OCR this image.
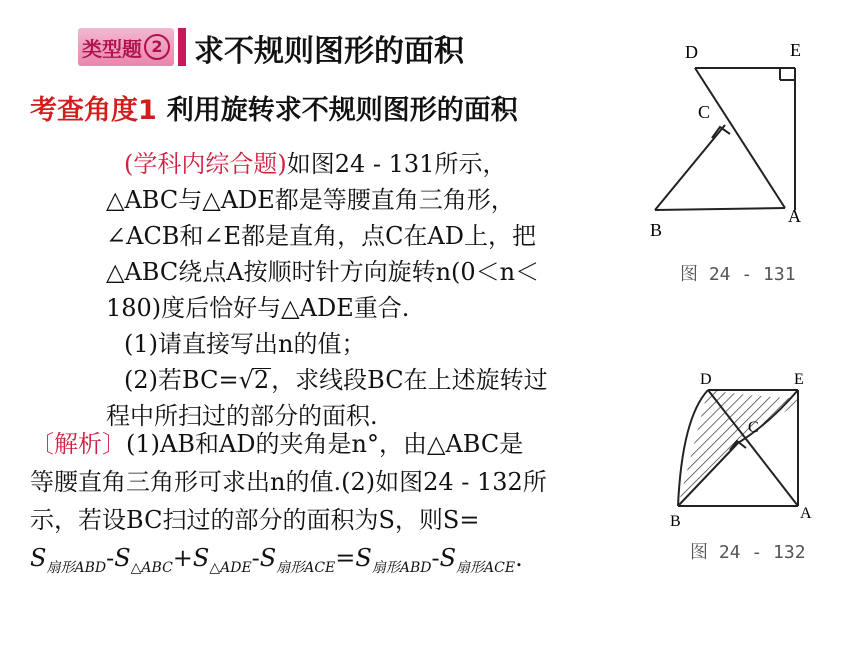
类型题 2 求不规则图形的面积
考查角度1 利用旋转求不规则图形的面积

(学科内综合题)如图24 - 131所示，

△ABC与△ADE都是等腰直角三角形，

∠ACB和∠E都是直角，点C在AD上，把

△ABC绕点A按顺时针方向旋转n(0＜n＜

180)度后恰好与△ADE重合.

(1)请直接写出n的值；

(2)若BC=√2，求线段BC在上述旋转过

程中所扫过的部分的面积.

〔解析〕(1)AB和AD的夹角是n°，由△ABC是

等腰直角三角形可求出n的值.(2)如图24 - 132所

示，若设BC扫过的部分的面积为S，则S=

$S_{扇形ABD}-S_{\triangle ABC}+S_{\triangle ADE}-S_{扇形ACE}=S_{扇形ABD}-S_{扇形ACE}$.

D	E
C
B
A
图 24 - 131
D	E
C
B	A
图 24 - 132
